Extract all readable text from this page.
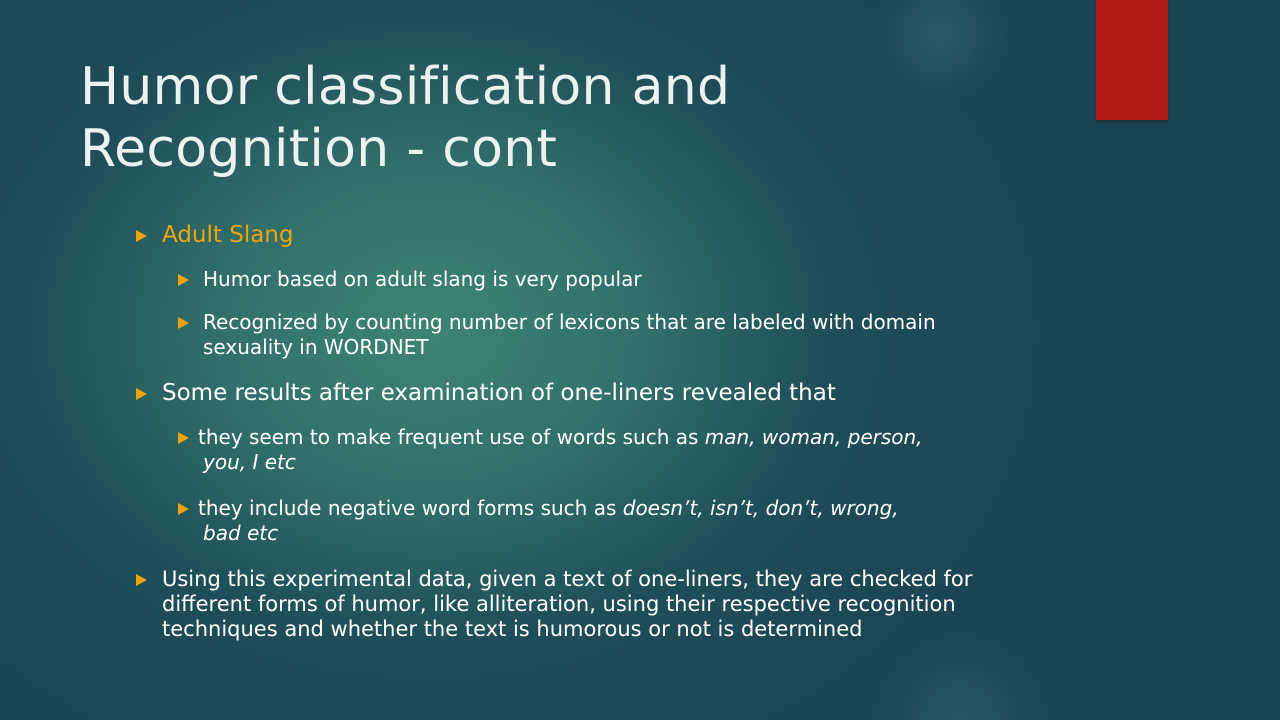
Humor classification and
Recognition - cont
Adult Slang
Humor based on adult slang is very popular
Recognized by counting number of lexicons that are labeled with domain
sexuality in WORDNET
Some results after examination of one-liners revealed that
they seem to make frequent use of words such as man, woman, person,
you, I etc
they include negative word forms such as doesn’t, isn’t, don’t, wrong,
bad etc
Using this experimental data, given a text of one-liners, they are checked for
different forms of humor, like alliteration, using their respective recognition
techniques and whether the text is humorous or not is determined
